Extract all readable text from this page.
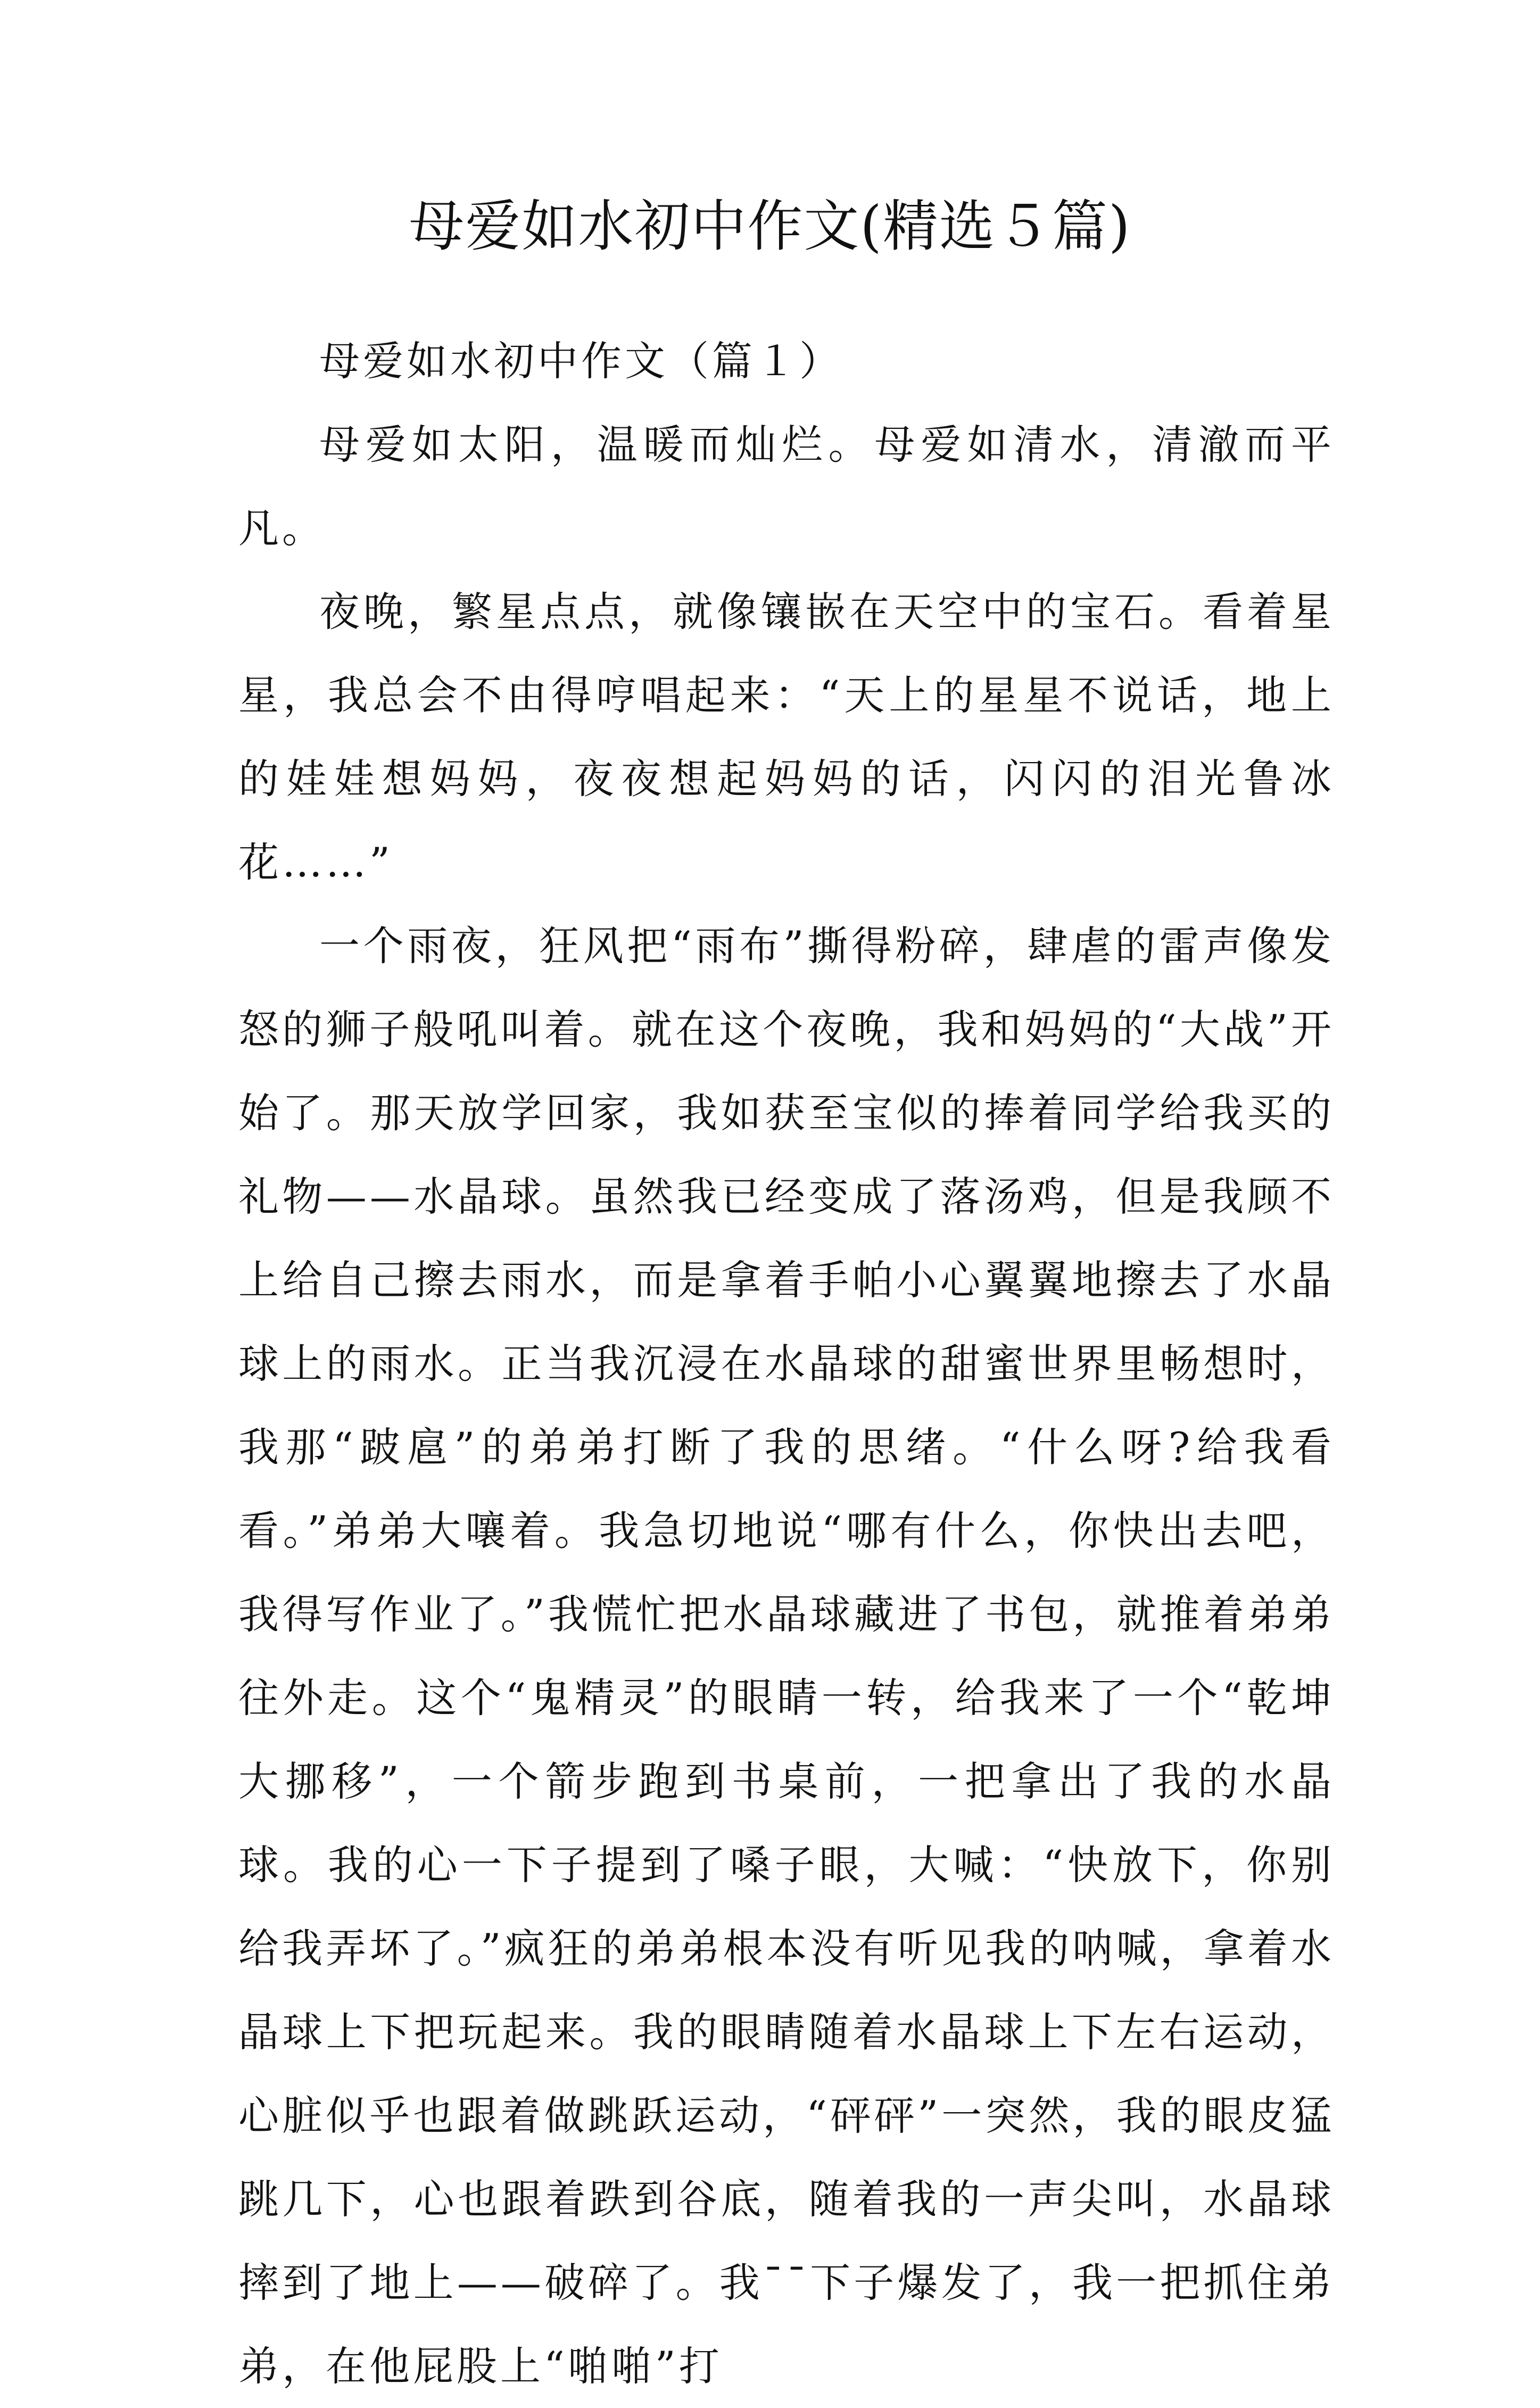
母爱如水初中作文(精选５篇)
母爱如水初中作文（篇１）

母爱如太阳，温暖而灿烂。母爱如清水，清澈而平凡。

夜晚，繁星点点，就像镶嵌在天空中的宝石。看着星星，我总会不由得哼唱起来：“天上的星星不说话，地上的娃娃想妈妈，夜夜想起妈妈的话，闪闪的泪光鲁冰花……”

一个雨夜，狂风把“雨布”撕得粉碎，肆虐的雷声像发怒的狮子般吼叫着。就在这个夜晚，我和妈妈的“大战”开始了。那天放学回家，我如获至宝似的捧着同学给我买的礼物——水晶球。虽然我已经变成了落汤鸡，但是我顾不上给自己擦去雨水，而是拿着手帕小心翼翼地擦去了水晶球上的雨水。正当我沉浸在水晶球的甜蜜世界里畅想时，我那“跛扈”的弟弟打断了我的思绪。“什么呀?给我看看。”弟弟大嚷着。我急切地说“哪有什么，你快出去吧，我得写作业了。”我慌忙把水晶球藏进了书包，就推着弟弟往外走。这个“鬼精灵”的眼睛一转，给我来了一个“乾坤大挪移”，一个箭步跑到书桌前，一把拿出了我的水晶球。我的心一下子提到了嗓子眼，大喊：“快放下，你别给我弄坏了。”疯狂的弟弟根本没有听见我的呐喊，拿着水晶球上下把玩起来。我的眼睛随着水晶球上下左右运动，心脏似乎也跟着做跳跃运动，“砰砰”一突然，我的眼皮猛跳几下，心也跟着跌到谷底，随着我的一声尖叫，水晶球摔到了地上——破碎了。我¯¯下子爆发了，我一把抓住弟弟，在他屁股上“啪啪”打
